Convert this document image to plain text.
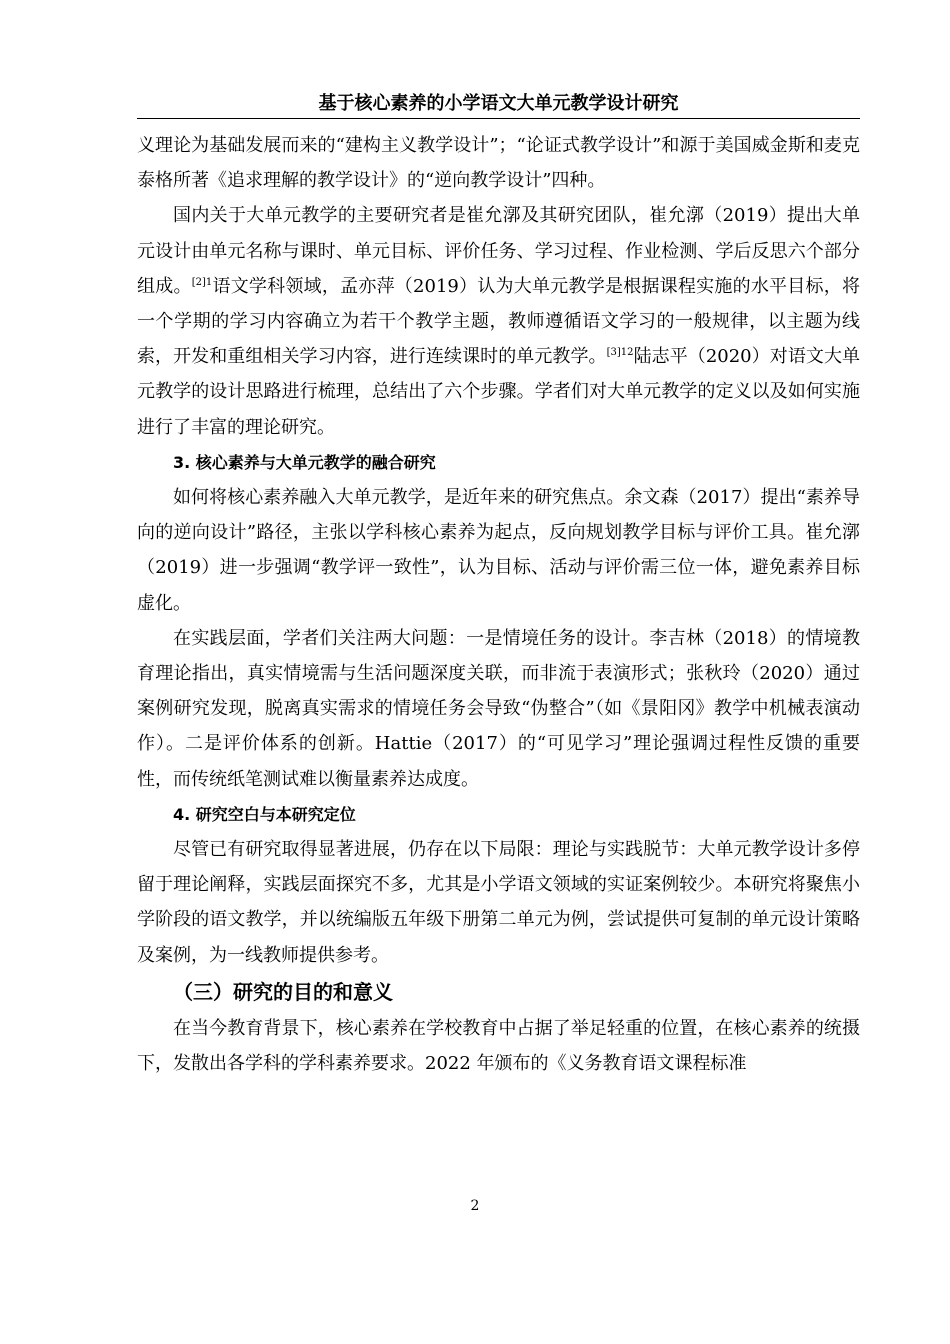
基于核心素养的小学语文大单元教学设计研究

义理论为基础发展而来的“建构主义教学设计”；“论证式教学设计”和源于美国威金斯和麦克泰格所著《追求理解的教学设计》的“逆向教学设计”四种。

国内关于大单元教学的主要研究者是崔允漷及其研究团队，崔允漷（2019）提出大单元设计由单元名称与课时、单元目标、评价任务、学习过程、作业检测、学后反思六个部分组成。$^{[2]1}$语文学科领域，孟亦萍（2019）认为大单元教学是根据课程实施的水平目标，将一个学期的学习内容确立为若干个教学主题，教师遵循语文学习的一般规律，以主题为线索，开发和重组相关学习内容，进行连续课时的单元教学。$^{[3]12}$陆志平（2020）对语文大单元教学的设计思路进行梳理，总结出了六个步骤。学者们对大单元教学的定义以及如何实施进行了丰富的理论研究。

3. 核心素养与大单元教学的融合研究

如何将核心素养融入大单元教学，是近年来的研究焦点。余文森（2017）提出“素养导向的逆向设计”路径，主张以学科核心素养为起点，反向规划教学目标与评价工具。崔允漷（2019）进一步强调“教学评一致性”，认为目标、活动与评价需三位一体，避免素养目标虚化。

在实践层面，学者们关注两大问题：一是情境任务的设计。李吉林（2018）的情境教育理论指出，真实情境需与生活问题深度关联，而非流于表演形式；张秋玲（2020）通过案例研究发现，脱离真实需求的情境任务会导致“伪整合”（如《景阳冈》教学中机械表演动作）。二是评价体系的创新。Hattie（2017）的“可见学习”理论强调过程性反馈的重要性，而传统纸笔测试难以衡量素养达成度。

4. 研究空白与本研究定位

尽管已有研究取得显著进展，仍存在以下局限：理论与实践脱节：大单元教学设计多停留于理论阐释，实践层面探究不多，尤其是小学语文领域的实证案例较少。本研究将聚焦小学阶段的语文教学，并以统编版五年级下册第二单元为例，尝试提供可复制的单元设计策略及案例，为一线教师提供参考。

（三）研究的目的和意义

在当今教育背景下，核心素养在学校教育中占据了举足轻重的位置，在核心素养的统摄下，发散出各学科的学科素养要求。2022 年颁布的《义务教育语文课程标准

2
